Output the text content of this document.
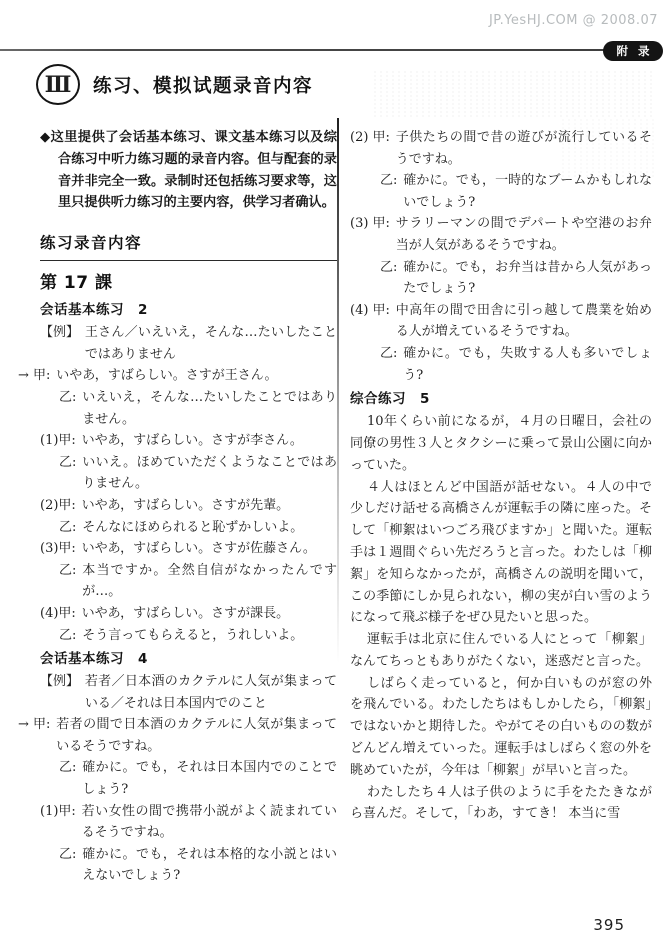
JP.YesHJ.COM @ 2008.07
附 录
Ⅲ	练习、模拟试题录音内容
◆这里提供了会话基本练习、课文基本练习以及综合练习中听力练习题的录音内容。但与配套的录音并非完全一致。录制时还包括练习要求等，这里只提供听力练习的主要内容，供学习者确认。
练习录音内容
第 17 課
会话基本练习　2
【例】 王さん／いえいえ，そんな…たいしたことではありません
→ 甲: いやあ，すばらしい。さすが王さん。
乙: いえいえ，そんな…たいしたことではありません。
(1)甲: いやあ，すばらしい。さすが李さん。
乙: いいえ。ほめていただくようなことではありません。
(2)甲: いやあ，すばらしい。さすが先輩。
乙: そんなにほめられると恥ずかしいよ。
(3)甲: いやあ，すばらしい。さすが佐藤さん。
乙: 本当ですか。全然自信がなかったんですが…。
(4)甲: いやあ，すばらしい。さすが課長。
乙: そう言ってもらえると，うれしいよ。
会话基本练习　4
【例】 若者／日本酒のカクテルに人気が集まっている／それは日本国内でのこと
→ 甲: 若者の間で日本酒のカクテルに人気が集まっているそうですね。
乙: 確かに。でも，それは日本国内でのことでしょう?
(1)甲: 若い女性の間で携帯小説がよく読まれているそうですね。
乙: 確かに。でも，それは本格的な小説とはいえないでしょう?
(2) 甲: 子供たちの間で昔の遊びが流行しているそうですね。
乙: 確かに。でも，一時的なブームかもしれないでしょう?
(3) 甲: サラリーマンの間でデパートや空港のお弁当が人気があるそうですね。
乙: 確かに。でも，お弁当は昔から人気があったでしょう?
(4) 甲: 中高年の間で田舎に引っ越して農業を始める人が増えているそうですね。
乙: 確かに。でも，失敗する人も多いでしょう?
综合练习　5
10年くらい前になるが，４月の日曜日，会社の同僚の男性３人とタクシーに乗って景山公園に向かっていた。
４人はほとんど中国語が話せない。４人の中で少しだけ話せる高橋さんが運転手の隣に座った。そして「柳絮はいつごろ飛びますか」と聞いた。運転手は１週間ぐらい先だろうと言った。わたしは「柳絮」を知らなかったが，高橋さんの説明を聞いて，この季節にしか見られない，柳の実が白い雪のようになって飛ぶ様子をぜひ見たいと思った。
運転手は北京に住んでいる人にとって「柳絮」なんてちっともありがたくない，迷惑だと言った。
しばらく走っていると，何か白いものが窓の外を飛んでいる。わたしたちはもしかしたら，「柳絮」ではないかと期待した。やがてその白いものの数がどんどん増えていった。運転手はしばらく窓の外を眺めていたが，今年は「柳絮」が早いと言った。
わたしたち４人は子供のように手をたたきながら喜んだ。そして，「わあ，すてき！ 本当に雪
395
